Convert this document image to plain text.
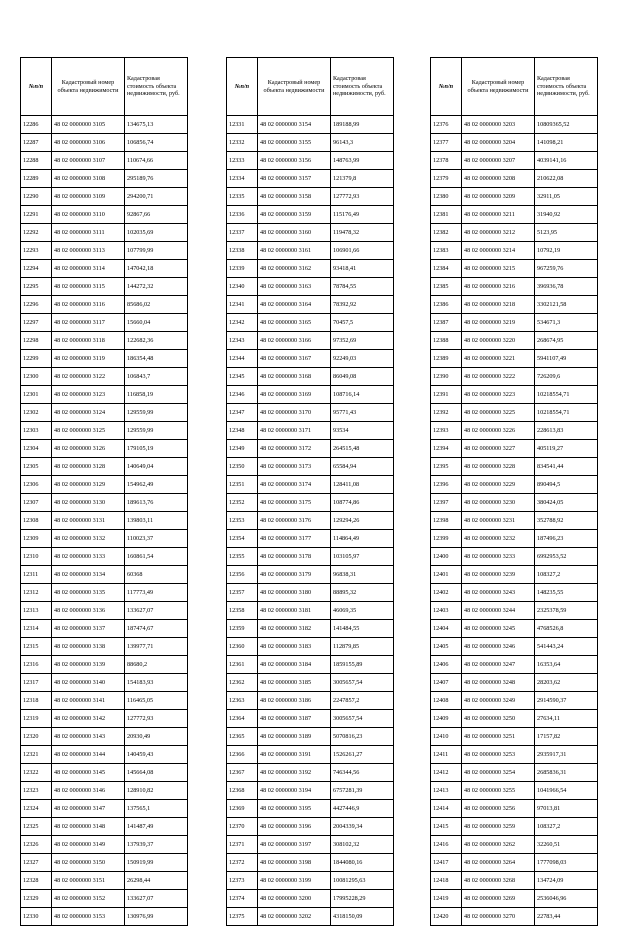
№п/п	Кадастровый номер объекта недвижимости	Кадастровая стоимость объекта недвижимости, руб.
12286	48 02 0000000 3105	134675,13
12287	48 02 0000000 3106	106856,74
12288	48 02 0000000 3107	110674,66
12289	48 02 0000000 3108	295189,76
12290	48 02 0000000 3109	294200,71
12291	48 02 0000000 3110	92867,66
12292	48 02 0000000 3111	102035,69
12293	48 02 0000000 3113	107799,99
12294	48 02 0000000 3114	147042,18
12295	48 02 0000000 3115	144272,32
12296	48 02 0000000 3116	85686,02
12297	48 02 0000000 3117	15660,04
12298	48 02 0000000 3118	122682,36
12299	48 02 0000000 3119	186354,48
12300	48 02 0000000 3122	106843,7
12301	48 02 0000000 3123	116858,19
12302	48 02 0000000 3124	129559,99
12303	48 02 0000000 3125	129559,99
12304	48 02 0000000 3126	179105,19
12305	48 02 0000000 3128	140649,04
12306	48 02 0000000 3129	154962,49
12307	48 02 0000000 3130	189613,76
12308	48 02 0000000 3131	139803,11
12309	48 02 0000000 3132	110023,37
12310	48 02 0000000 3133	160861,54
12311	48 02 0000000 3134	60368
12312	48 02 0000000 3135	117773,49
12313	48 02 0000000 3136	133627,07
12314	48 02 0000000 3137	187474,67
12315	48 02 0000000 3138	139977,71
12316	48 02 0000000 3139	88680,2
12317	48 02 0000000 3140	154183,93
12318	48 02 0000000 3141	116465,05
12319	48 02 0000000 3142	127772,93
12320	48 02 0000000 3143	20930,49
12321	48 02 0000000 3144	140459,43
12322	48 02 0000000 3145	145664,08
12323	48 02 0000000 3146	128910,82
12324	48 02 0000000 3147	137565,1
12325	48 02 0000000 3148	141487,49
12326	48 02 0000000 3149	137939,37
12327	48 02 0000000 3150	150919,99
12328	48 02 0000000 3151	26298,44
12329	48 02 0000000 3152	133627,07
12330	48 02 0000000 3153	130976,99
№п/п	Кадастровый номер объекта недвижимости	Кадастровая стоимость объекта недвижимости, руб.
12331	48 02 0000000 3154	189188,99
12332	48 02 0000000 3155	96143,3
12333	48 02 0000000 3156	148763,99
12334	48 02 0000000 3157	121379,8
12335	48 02 0000000 3158	127772,93
12336	48 02 0000000 3159	115176,49
12337	48 02 0000000 3160	119478,32
12338	48 02 0000000 3161	106901,66
12339	48 02 0000000 3162	93418,41
12340	48 02 0000000 3163	78784,55
12341	48 02 0000000 3164	78392,92
12342	48 02 0000000 3165	70457,5
12343	48 02 0000000 3166	97352,69
12344	48 02 0000000 3167	92249,03
12345	48 02 0000000 3168	86049,08
12346	48 02 0000000 3169	108716,14
12347	48 02 0000000 3170	95771,43
12348	48 02 0000000 3171	93534
12349	48 02 0000000 3172	264515,48
12350	48 02 0000000 3173	65584,94
12351	48 02 0000000 3174	128411,08
12352	48 02 0000000 3175	108774,86
12353	48 02 0000000 3176	129294,26
12354	48 02 0000000 3177	114864,49
12355	48 02 0000000 3178	103105,97
12356	48 02 0000000 3179	96838,31
12357	48 02 0000000 3180	88895,32
12358	48 02 0000000 3181	46069,35
12359	48 02 0000000 3182	141484,55
12360	48 02 0000000 3183	112879,85
12361	48 02 0000000 3184	1859155,89
12362	48 02 0000000 3185	3005657,54
12363	48 02 0000000 3186	2247857,2
12364	48 02 0000000 3187	3005657,54
12365	48 02 0000000 3189	5070816,23
12366	48 02 0000000 3191	1526261,27
12367	48 02 0000000 3192	746344,56
12368	48 02 0000000 3194	6757281,39
12369	48 02 0000000 3195	4427446,9
12370	48 02 0000000 3196	2004339,34
12371	48 02 0000000 3197	308102,32
12372	48 02 0000000 3198	1844080,16
12373	48 02 0000000 3199	10081295,63
12374	48 02 0000000 3200	17995228,29
12375	48 02 0000000 3202	4318150,09
№п/п	Кадастровый номер объекта недвижимости	Кадастровая стоимость объекта недвижимости, руб.
12376	48 02 0000000 3203	10809365,52
12377	48 02 0000000 3204	141098,21
12378	48 02 0000000 3207	4039141,16
12379	48 02 0000000 3208	210622,08
12380	48 02 0000000 3209	32911,05
12381	48 02 0000000 3211	31940,92
12382	48 02 0000000 3212	5123,95
12383	48 02 0000000 3214	10792,19
12384	48 02 0000000 3215	967259,76
12385	48 02 0000000 3216	396936,78
12386	48 02 0000000 3218	3302121,58
12387	48 02 0000000 3219	534671,3
12388	48 02 0000000 3220	268674,95
12389	48 02 0000000 3221	5941107,49
12390	48 02 0000000 3222	726209,6
12391	48 02 0000000 3223	10218554,71
12392	48 02 0000000 3225	10218554,71
12393	48 02 0000000 3226	228613,83
12394	48 02 0000000 3227	405119,27
12395	48 02 0000000 3228	834541,44
12396	48 02 0000000 3229	890494,5
12397	48 02 0000000 3230	380424,05
12398	48 02 0000000 3231	352788,92
12399	48 02 0000000 3232	187496,23
12400	48 02 0000000 3233	6992953,52
12401	48 02 0000000 3239	108327,2
12402	48 02 0000000 3243	148235,55
12403	48 02 0000000 3244	2325378,59
12404	48 02 0000000 3245	4768526,8
12405	48 02 0000000 3246	541443,24
12406	48 02 0000000 3247	16353,64
12407	48 02 0000000 3248	28203,62
12408	48 02 0000000 3249	2914590,37
12409	48 02 0000000 3250	27634,11
12410	48 02 0000000 3251	17157,82
12411	48 02 0000000 3253	2935917,31
12412	48 02 0000000 3254	2685836,31
12413	48 02 0000000 3255	1041966,54
12414	48 02 0000000 3256	97013,81
12415	48 02 0000000 3259	108327,2
12416	48 02 0000000 3262	32260,51
12417	48 02 0000000 3264	1777098,03
12418	48 02 0000000 3268	134724,09
12419	48 02 0000000 3269	2536046,96
12420	48 02 0000000 3270	22783,44
